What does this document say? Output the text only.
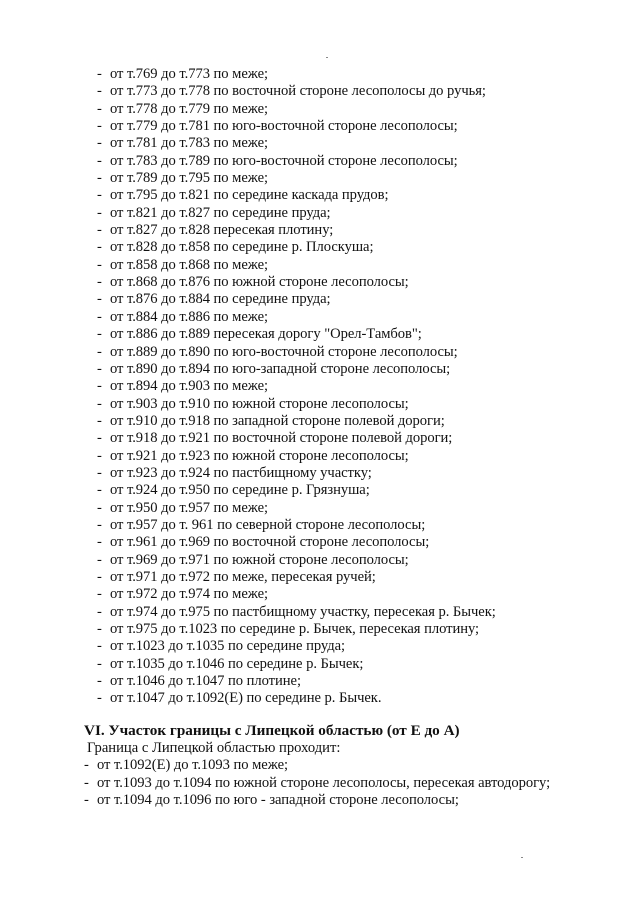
- от т.769 до т.773 по меже;
- от т.773 до т.778 по восточной стороне лесополосы до ручья;
- от т.778 до т.779 по меже;
- от т.779 до т.781 по юго-восточной стороне лесополосы;
- от т.781 до т.783 по меже;
- от т.783 до т.789 по юго-восточной стороне лесополосы;
- от т.789 до т.795 по меже;
- от т.795 до т.821 по середине каскада прудов;
- от т.821 до т.827 по середине пруда;
- от т.827 до т.828 пересекая плотину;
- от т.828 до т.858 по середине р. Плоскуша;
- от т.858 до т.868 по меже;
- от т.868 до т.876 по южной стороне лесополосы;
- от т.876 до т.884 по середине пруда;
- от т.884 до т.886 по меже;
- от т.886 до т.889 пересекая дорогу "Орел-Тамбов";
- от т.889 до т.890 по юго-восточной стороне лесополосы;
- от т.890 до т.894 по юго-западной стороне лесополосы;
- от т.894 до т.903 по меже;
- от т.903 до т.910 по южной стороне лесополосы;
- от т.910 до т.918 по западной стороне полевой дороги;
- от т.918 до т.921 по восточной стороне полевой дороги;
- от т.921 до т.923 по южной стороне лесополосы;
- от т.923 до т.924 по пастбищному участку;
- от т.924 до т.950 по середине р. Грязнуша;
- от т.950 до т.957 по меже;
- от т.957 до т. 961 по северной стороне лесополосы;
- от т.961 до т.969 по восточной стороне лесополосы;
- от т.969 до т.971 по южной стороне лесополосы;
- от т.971 до т.972 по меже, пересекая ручей;
- от т.972 до т.974 по меже;
- от т.974 до т.975 по пастбищному участку, пересекая р. Бычек;
- от т.975 до т.1023 по середине р. Бычек, пересекая плотину;
- от т.1023 до т.1035 по середине пруда;
- от т.1035 до т.1046 по середине р. Бычек;
- от т.1046 до т.1047 по плотине;
- от т.1047 до т.1092(Е) по середине р. Бычек.
VI. Участок границы с Липецкой областью (от Е до А)
Граница с Липецкой областью проходит:
- от т.1092(Е) до т.1093 по меже;
- от т.1093 до т.1094 по южной стороне лесополосы, пересекая автодорогу;
- от т.1094 до т.1096 по юго - западной стороне лесополосы;
